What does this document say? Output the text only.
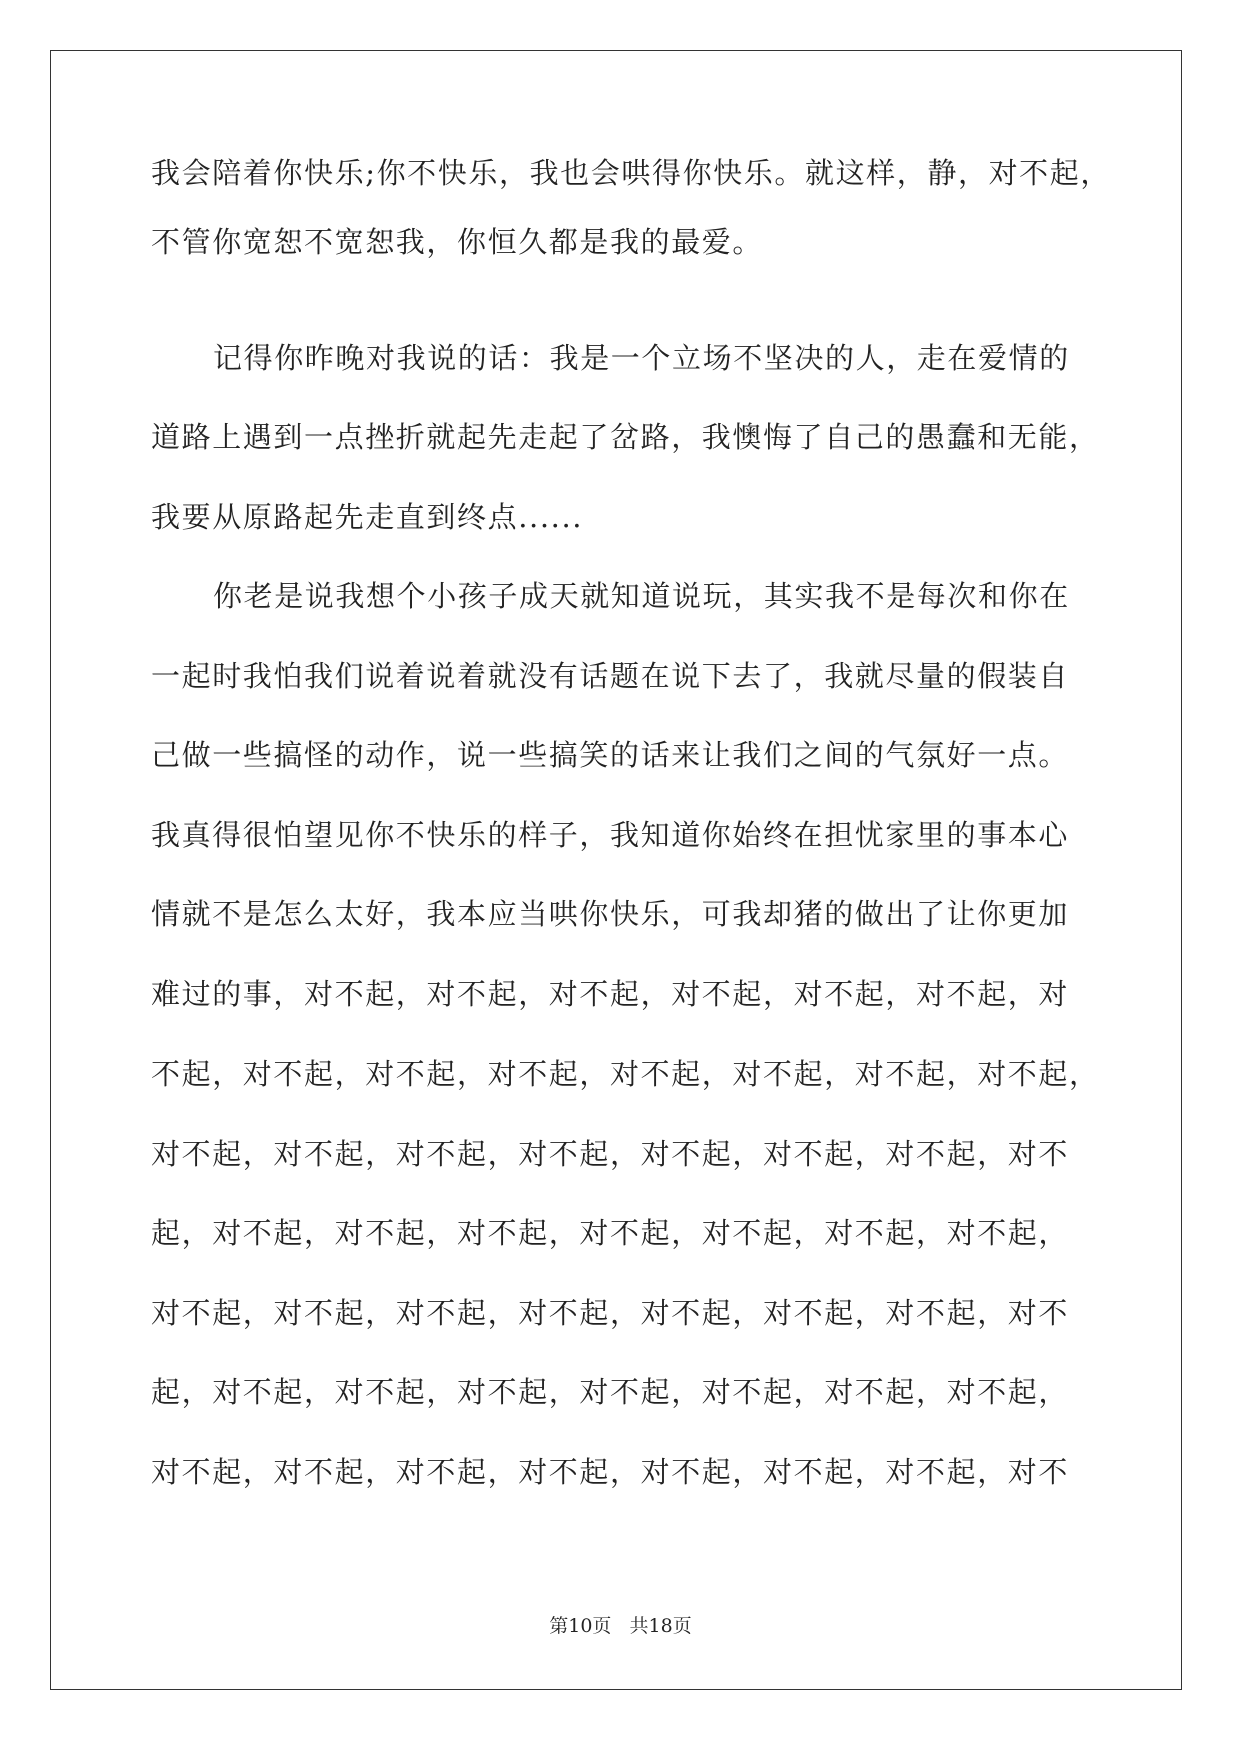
我会陪着你快乐;你不快乐，我也会哄得你快乐。就这样，静，对不起，
不管你宽恕不宽恕我，你恒久都是我的最爱。
记得你昨晚对我说的话：我是一个立场不坚决的人，走在爱情的
道路上遇到一点挫折就起先走起了岔路，我懊悔了自己的愚蠢和无能，
我要从原路起先走直到终点......
你老是说我想个小孩子成天就知道说玩，其实我不是每次和你在
一起时我怕我们说着说着就没有话题在说下去了，我就尽量的假装自
己做一些搞怪的动作，说一些搞笑的话来让我们之间的气氛好一点。
我真得很怕望见你不快乐的样子，我知道你始终在担忧家里的事本心
情就不是怎么太好，我本应当哄你快乐，可我却猪的做出了让你更加
难过的事，对不起，对不起，对不起，对不起，对不起，对不起，对
不起，对不起，对不起，对不起，对不起，对不起，对不起，对不起，
对不起，对不起，对不起，对不起，对不起，对不起，对不起，对不
起，对不起，对不起，对不起，对不起，对不起，对不起，对不起，
对不起，对不起，对不起，对不起，对不起，对不起，对不起，对不
起，对不起，对不起，对不起，对不起，对不起，对不起，对不起，
对不起，对不起，对不起，对不起，对不起，对不起，对不起，对不
第10页   共18页
